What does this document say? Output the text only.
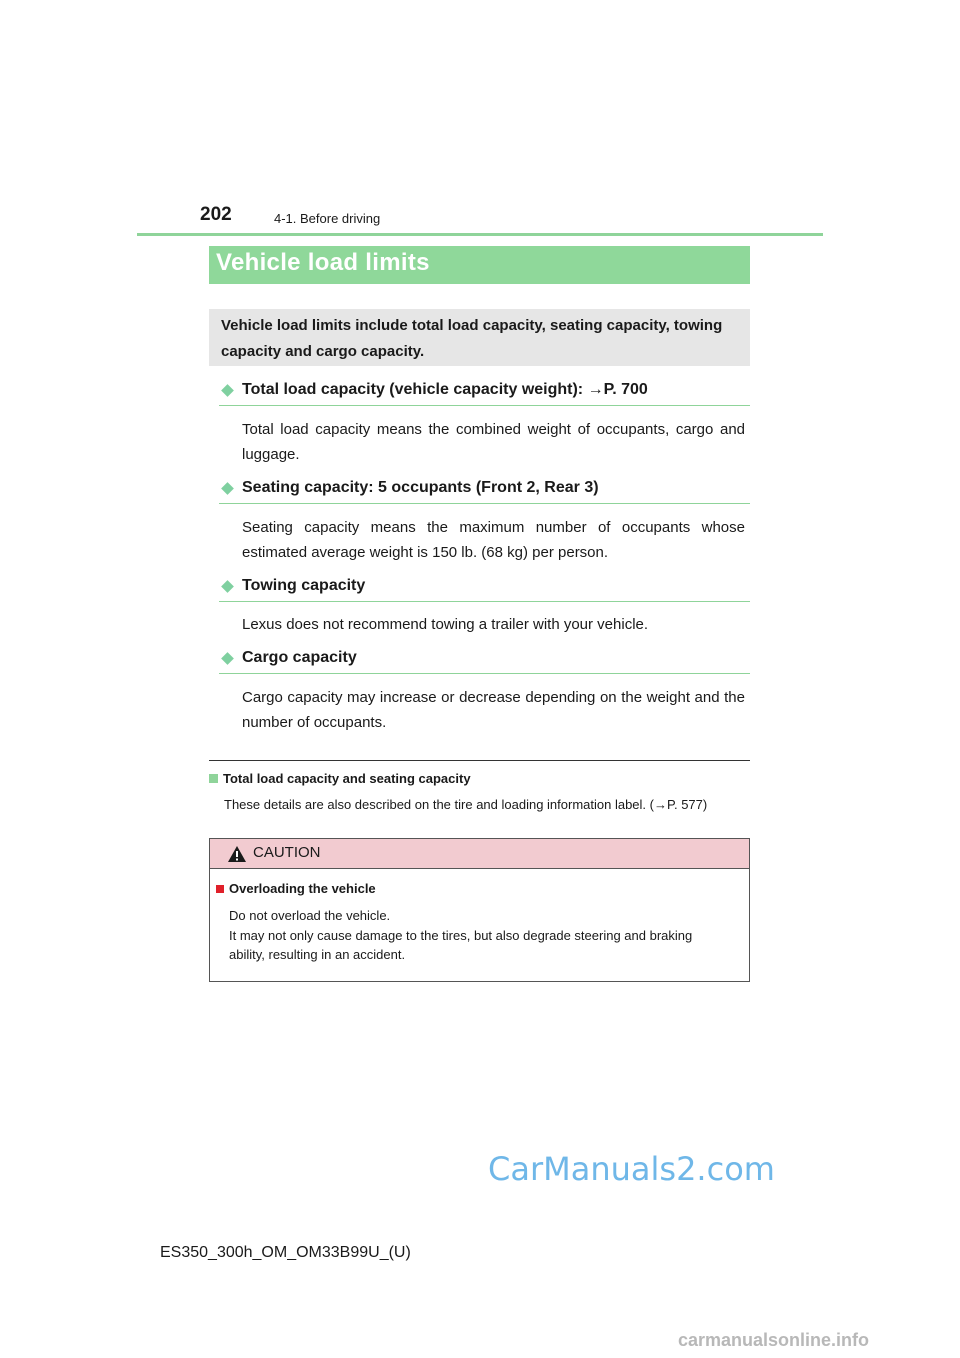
202	4-1. Before driving
Vehicle load limits

Vehicle load limits include total load capacity, seating capacity, towing capacity and cargo capacity.

Total load capacity (vehicle capacity weight): →P. 700

Total load capacity means the combined weight of occupants, cargo and luggage.

Seating capacity: 5 occupants (Front 2, Rear 3)

Seating capacity means the maximum number of occupants whose estimated average weight is 150 lb. (68 kg) per person.

Towing capacity

Lexus does not recommend towing a trailer with your vehicle.

Cargo capacity

Cargo capacity may increase or decrease depending on the weight and the number of occupants.

Total load capacity and seating capacity
These details are also described on the tire and loading information label. (→P. 577)
CAUTION
Overloading the vehicle
Do not overload the vehicle.
It may not only cause damage to the tires, but also degrade steering and braking
ability, resulting in an accident.
CarManuals2.com
ES350_300h_OM_OM33B99U_(U)
carmanualsonline.info
